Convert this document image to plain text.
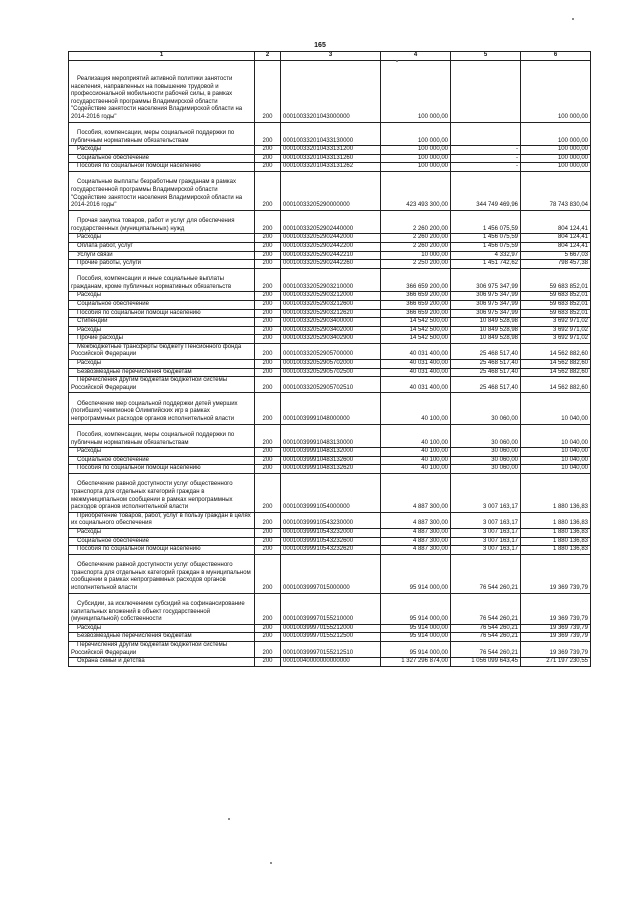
165
1	2	3	4	5	6
Реализация мероприятий активной политики занятости населения, направленных на повышение трудовой и профессиональной мобильности рабочей силы, в рамках государственной программы Владимирской области "Содействие занятости населения Владимирской области на 2014-2016 годы"	200	00010033201043000000	100 000,00		100 000,00
Пособия, компенсации, меры социальной поддержки по публичным нормативным обязательствам	200	000100332010433130000	100 000,00		100 000,00
Расходы	200	000100332010433131200	100 000,00	-	100 000,00
Социальное обеспечение	200	000100332010433131260	100 000,00	-	100 000,00
Пособия по социальной помощи населению	200	000100332010433131262	100 000,00	-	100 000,00
Социальные выплаты безработным гражданам в рамках государственной программы Владимирской области "Содействие занятости населения Владимирской области на 2014-2016 годы"	200	00010033205290000000	423 493 300,00	344 749 469,96	78 743 830,04
Прочая закупка товаров, работ и услуг для обеспечения государственных (муниципальных) нужд	200	000100332052902440000	2 260 200,00	1 456 075,59	804 124,41
Расходы	200	000100332052902442000	2 260 200,00	1 456 075,59	804 124,41
Оплата работ, услуг	200	000100332052902442200	2 260 200,00	1 456 075,59	804 124,41
Услуги связи	200	000100332052902442210	10 000,00	4 332,97	5 667,03
Прочие работы, услуги	200	000100332052902442260	2 250 200,00	1 451 742,62	798 457,38
Пособия, компенсации и иные социальные выплаты гражданам, кроме публичных нормативных обязательств	200	000100332052903210000	366 659 200,00	306 975 347,99	59 683 852,01
Расходы	200	000100332052903212000	366 659 200,00	306 975 347,99	59 683 852,01
Социальное обеспечение	200	000100332052903212600	366 659 200,00	306 975 347,99	59 683 852,01
Пособия по социальной помощи населению	200	000100332052903212620	366 659 200,00	306 975 347,99	59 683 852,01
Стипендии	200	000100332052903400000	14 542 500,00	10 849 528,98	3 692 971,02
Расходы	200	000100332052903402000	14 542 500,00	10 849 528,98	3 692 971,02
Прочие расходы	200	000100332052903402900	14 542 500,00	10 849 528,98	3 692 971,02
Межбюджетные трансферты бюджету Пенсионного фонда Российской Федерации	200	000100332052905700000	40 031 400,00	25 468 517,40	14 562 882,60
Расходы	200	000100332052905702000	40 031 400,00	25 468 517,40	14 562 882,60
Безвозмездные перечисления бюджетам	200	000100332052905702500	40 031 400,00	25 468 517,40	14 562 882,60
Перечисления другим бюджетам бюджетной системы Российской Федерации	200	000100332052905702510	40 031 400,00	25 468 517,40	14 562 882,60
Обеспечение мер социальной поддержки детей умерших (погибших) чемпионов Олимпийских игр в рамках непрограммных расходов органов исполнительной власти	200	00010039991048000000	40 100,00	30 060,00	10 040,00
Пособия, компенсации, меры социальной поддержки по публичным нормативным обязательствам	200	000100399910483130000	40 100,00	30 060,00	10 040,00
Расходы	200	000100399910483132000	40 100,00	30 060,00	10 040,00
Социальное обеспечение	200	000100399910483132600	40 100,00	30 060,00	10 040,00
Пособия по социальной помощи населению	200	000100399910483132620	40 100,00	30 060,00	10 040,00
Обеспечение равной доступности услуг общественного транспорта для отдельных категорий граждан в межмуниципальном сообщении в рамках непрограммных расходов органов исполнительной власти	200	00010039991054000000	4 887 300,00	3 007 163,17	1 880 136,83
Приобретение товаров, работ, услуг в пользу граждан в целях их социального обеспечения	200	000100399910543230000	4 887 300,00	3 007 163,17	1 880 136,83
Расходы	200	000100399910543232000	4 887 300,00	3 007 163,17	1 880 136,83
Социальное обеспечение	200	000100399910543232600	4 887 300,00	3 007 163,17	1 880 136,83
Пособия по социальной помощи населению	200	000100399910543232620	4 887 300,00	3 007 163,17	1 880 136,83
Обеспечение равной доступности услуг общественного транспорта для отдельных категорий граждан в муниципальном сообщении в рамках непрограммных расходов органов исполнительной власти	200	00010039997015000000	95 914 000,00	76 544 260,21	19 369 739,79
Субсидии, за исключением субсидий на софинансирование капитальных вложений в объект государственной (муниципальной) собственности	200	000100399970155210000	95 914 000,00	76 544 260,21	19 369 739,79
Расходы	200	000100399970155212000	95 914 000,00	76 544 260,21	19 369 739,79
Безвозмездные перечисления бюджетам	200	000100399970155212500	95 914 000,00	76 544 260,21	19 369 739,79
Перечисления другим бюджетам бюджетной системы Российской Федерации	200	000100399970155212510	95 914 000,00	76 544 260,21	19 369 739,79
Охрана семьи и детства	200	00010040000000000000	1 327 296 874,00	1 056 099 643,45	271 197 230,55
